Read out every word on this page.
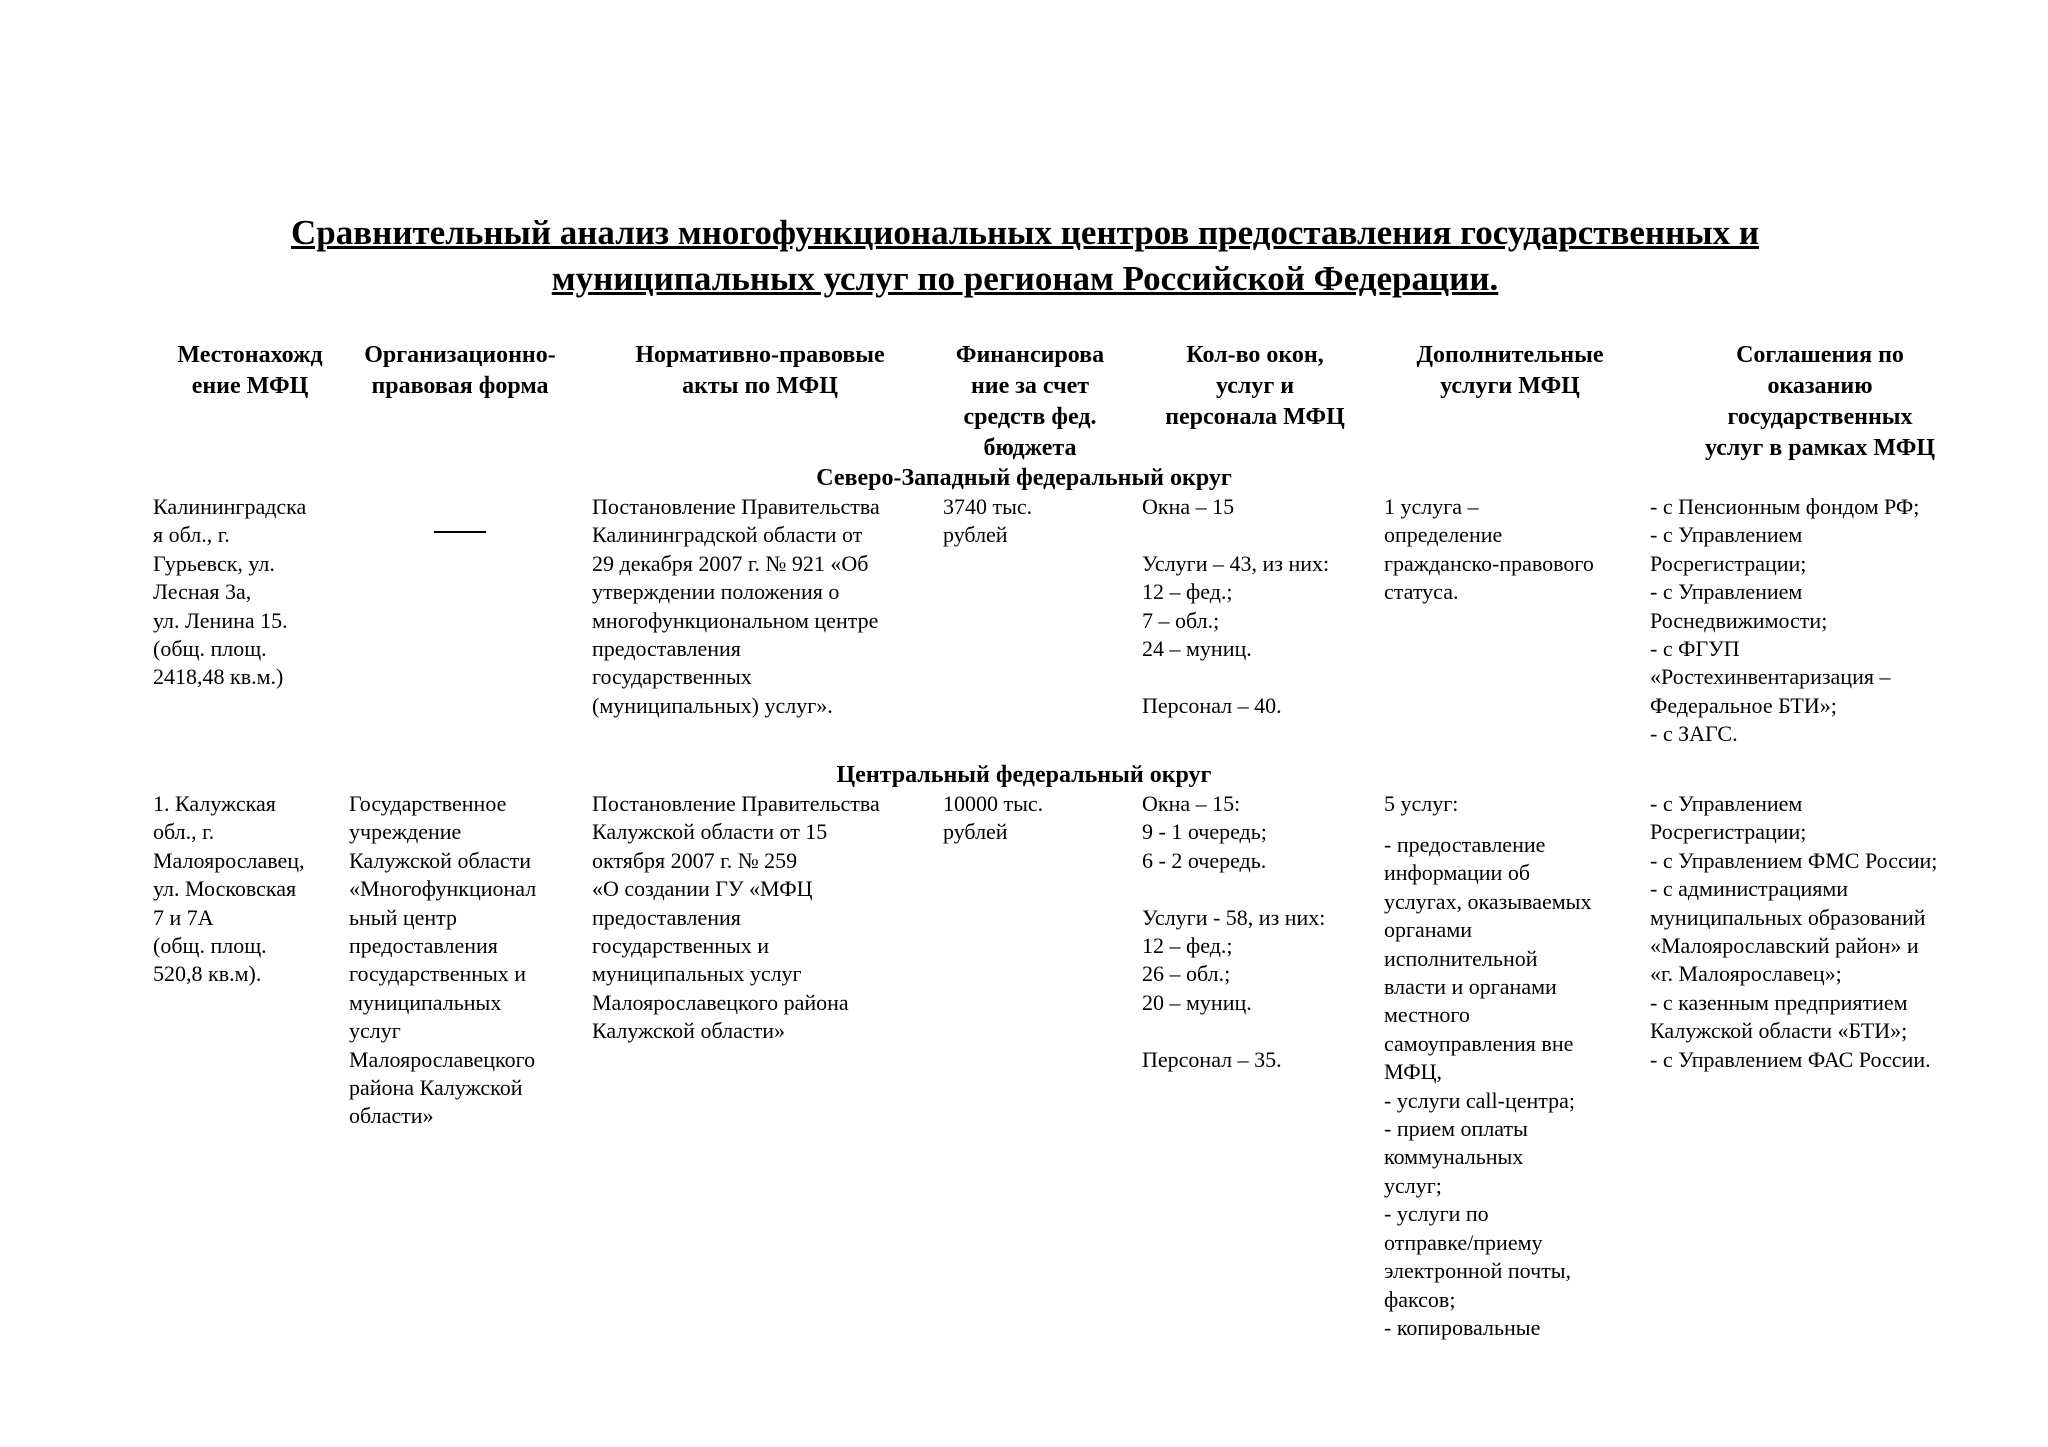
Сравнительный анализ многофункциональных центров предоставления государственных и
муниципальных услуг по регионам Российской Федерации.
Местонахожд
ение МФЦ
Организационно-
правовая форма
Нормативно-правовые
акты по МФЦ
Финансирова
ние за счет
средств фед.
бюджета
Кол-во окон,
услуг и
персонала МФЦ
Дополнительные
услуги МФЦ
Соглашения по
оказанию
государственных
услуг в рамках МФЦ
Северо-Западный федеральный округ
Калининградска
я обл., г.
Гурьевск, ул.
Лесная 3а,
ул. Ленина 15.
(общ. площ.
2418,48 кв.м.)
Постановление Правительства
Калининградской области от
29 декабря 2007 г. № 921 «Об
утверждении положения о
многофункциональном центре
предоставления
государственных
(муниципальных) услуг».
3740 тыс.
рублей
Окна – 15

Услуги – 43, из них:
12 – фед.;
7 – обл.;
24 – муниц.

Персонал – 40.
1 услуга –
определение
гражданско-правового
статуса.
- с Пенсионным фондом РФ;
- с Управлением
Росрегистрации;
- с Управлением
Роснедвижимости;
- с ФГУП
«Ростехинвентаризация –
Федеральное БТИ»;
- с ЗАГС.
Центральный федеральный округ
1. Калужская
обл., г.
Малоярославец,
ул. Московская
7 и 7А
(общ. площ.
520,8 кв.м).
Государственное
учреждение
Калужской области
«Многофункционал
ьный центр
предоставления
государственных и
муниципальных
услуг
Малоярославецкого
района Калужской
области»
Постановление Правительства
Калужской области от 15
октября 2007 г. № 259
«О создании ГУ «МФЦ
предоставления
государственных и
муниципальных услуг
Малоярославецкого района
Калужской области»
10000 тыс.
рублей
Окна – 15:
9 - 1 очередь;
6 - 2 очередь.

Услуги - 58, из них:
12 – фед.;
26 – обл.;
20 – муниц.

Персонал – 35.
5 услуг:
- предоставление
информации об
услугах, оказываемых
органами
исполнительной
власти и органами
местного
самоуправления вне
МФЦ,
- услуги call-центра;
- прием оплаты
коммунальных
услуг;
- услуги по
отправке/приему
электронной почты,
факсов;
- копировальные
- с Управлением
Росрегистрации;
- с Управлением ФМС России;
- с администрациями
муниципальных образований
«Малоярославский район» и
«г. Малоярославец»;
- с казенным предприятием
Калужской области «БТИ»;
- с Управлением ФАС России.
